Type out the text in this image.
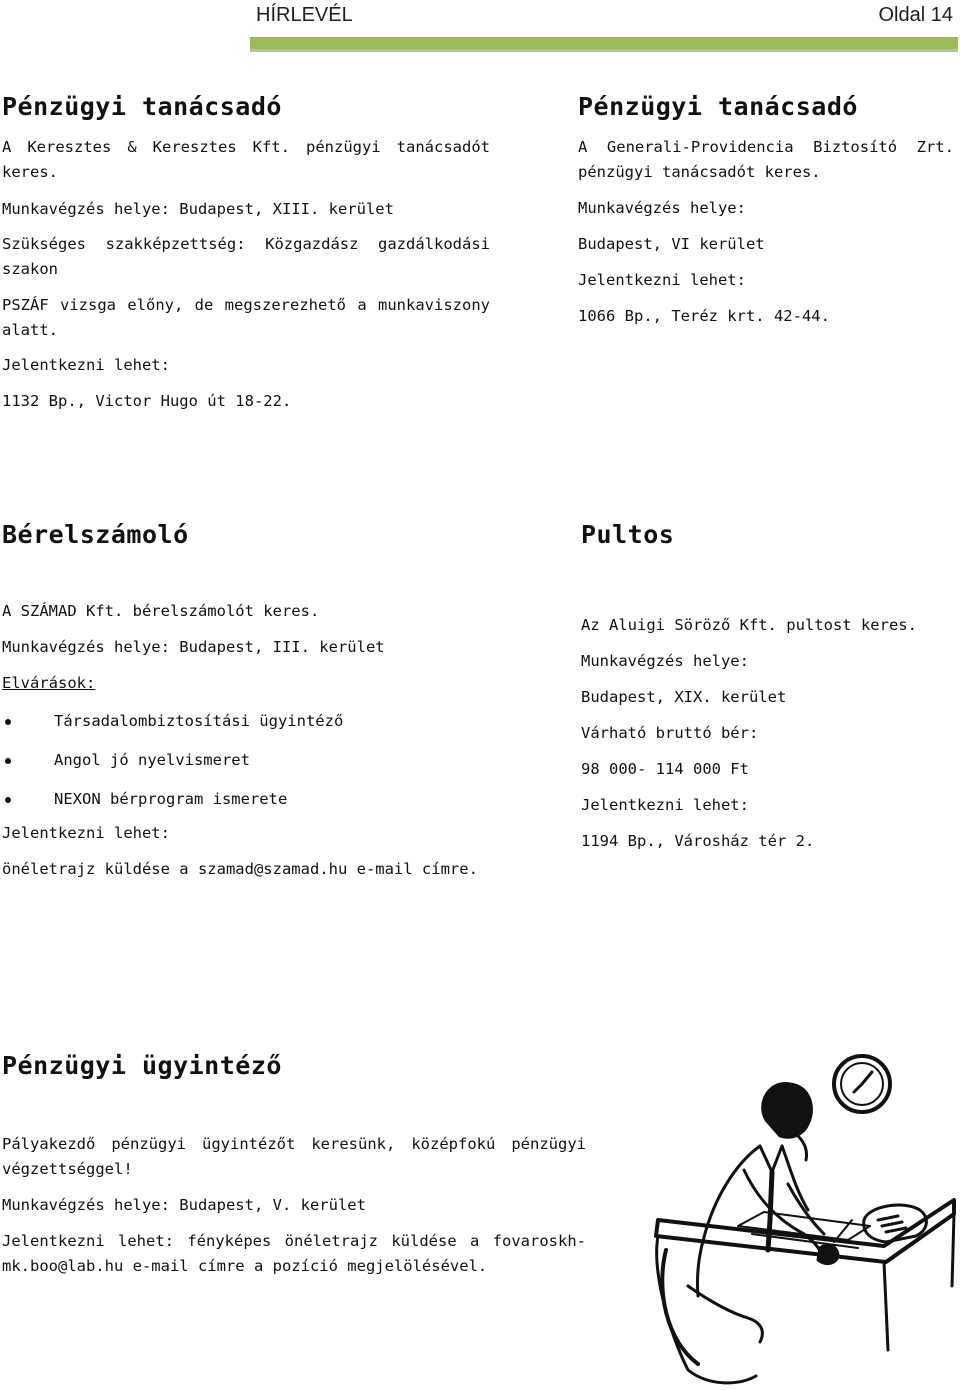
HÍRLEVÉL	Oldal 14
Pénzügyi tanácsadó

A Keresztes & Keresztes Kft. pénzügyi tanácsadót keres.

Munkavégzés helye: Budapest, XIII. kerület

Szükséges szakképzettség: Közgazdász gazdálkodási szakon

PSZÁF vizsga előny, de megszerezhető a munkaviszony alatt.

Jelentkezni lehet:

1132 Bp., Victor Hugo út 18-22.

Pénzügyi tanácsadó

A Generali-Providencia Biztosító Zrt. pénzügyi tanácsadót keres.

Munkavégzés helye:

Budapest, VI kerület

Jelentkezni lehet:

1066 Bp., Teréz krt. 42-44.

Bérelszámoló

A SZÁMAD Kft. bérelszámolót keres.

Munkavégzés helye: Budapest, III. kerület

Elvárások:

Társadalombiztosítási ügyintéző
Angol jó nyelvismeret
NEXON bérprogram ismerete

Jelentkezni lehet:

önéletrajz küldése a szamad@szamad.hu e-mail címre.

Pultos

Az Aluigi Söröző Kft. pultost keres.

Munkavégzés helye:

Budapest, XIX. kerület

Várható bruttó bér:

98 000- 114 000 Ft

Jelentkezni lehet:

1194 Bp., Városház tér 2.

Pénzügyi ügyintéző

Pályakezdő pénzügyi ügyintézőt keresünk, középfokú pénzügyi végzettséggel!

Munkavégzés helye: Budapest, V. kerület

Jelentkezni lehet: fényképes önéletrajz küldése a fovaroskh-mk.boo@lab.hu e-mail címre a pozíció megjelölésével.
